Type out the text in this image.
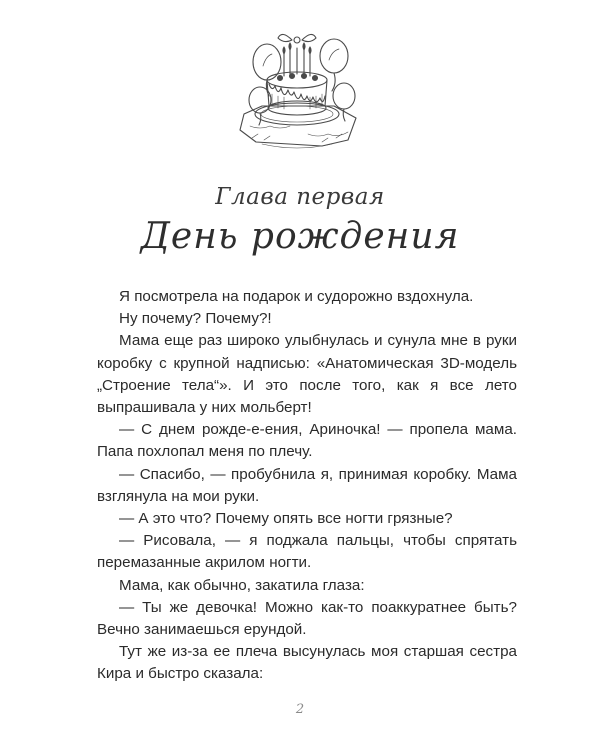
Глава первая
День рождения

Я посмотрела на подарок и судорожно вздохнула.

Ну почему? Почему?!

Мама еще раз широко улыбнулась и сунула мне в руки коробку с крупной надписью: «Анатомическая 3D-модель „Строение тела“». И это после того, как я все лето выпрашивала у них мольберт!

— С днем рожде-е-ения, Ариночка! — пропела мама. Папа похлопал меня по плечу.

— Спасибо, — пробубнила я, принимая коробку. Мама взглянула на мои руки.

— А это что? Почему опять все ногти грязные?

— Рисовала, — я поджала пальцы, чтобы спрятать перемазанные акрилом ногти.

Мама, как обычно, закатила глаза:

— Ты же девочка! Можно как-то поаккуратнее быть? Вечно занимаешься ерундой.

Тут же из-за ее плеча высунулась моя старшая сестра Кира и быстро сказала:

2
